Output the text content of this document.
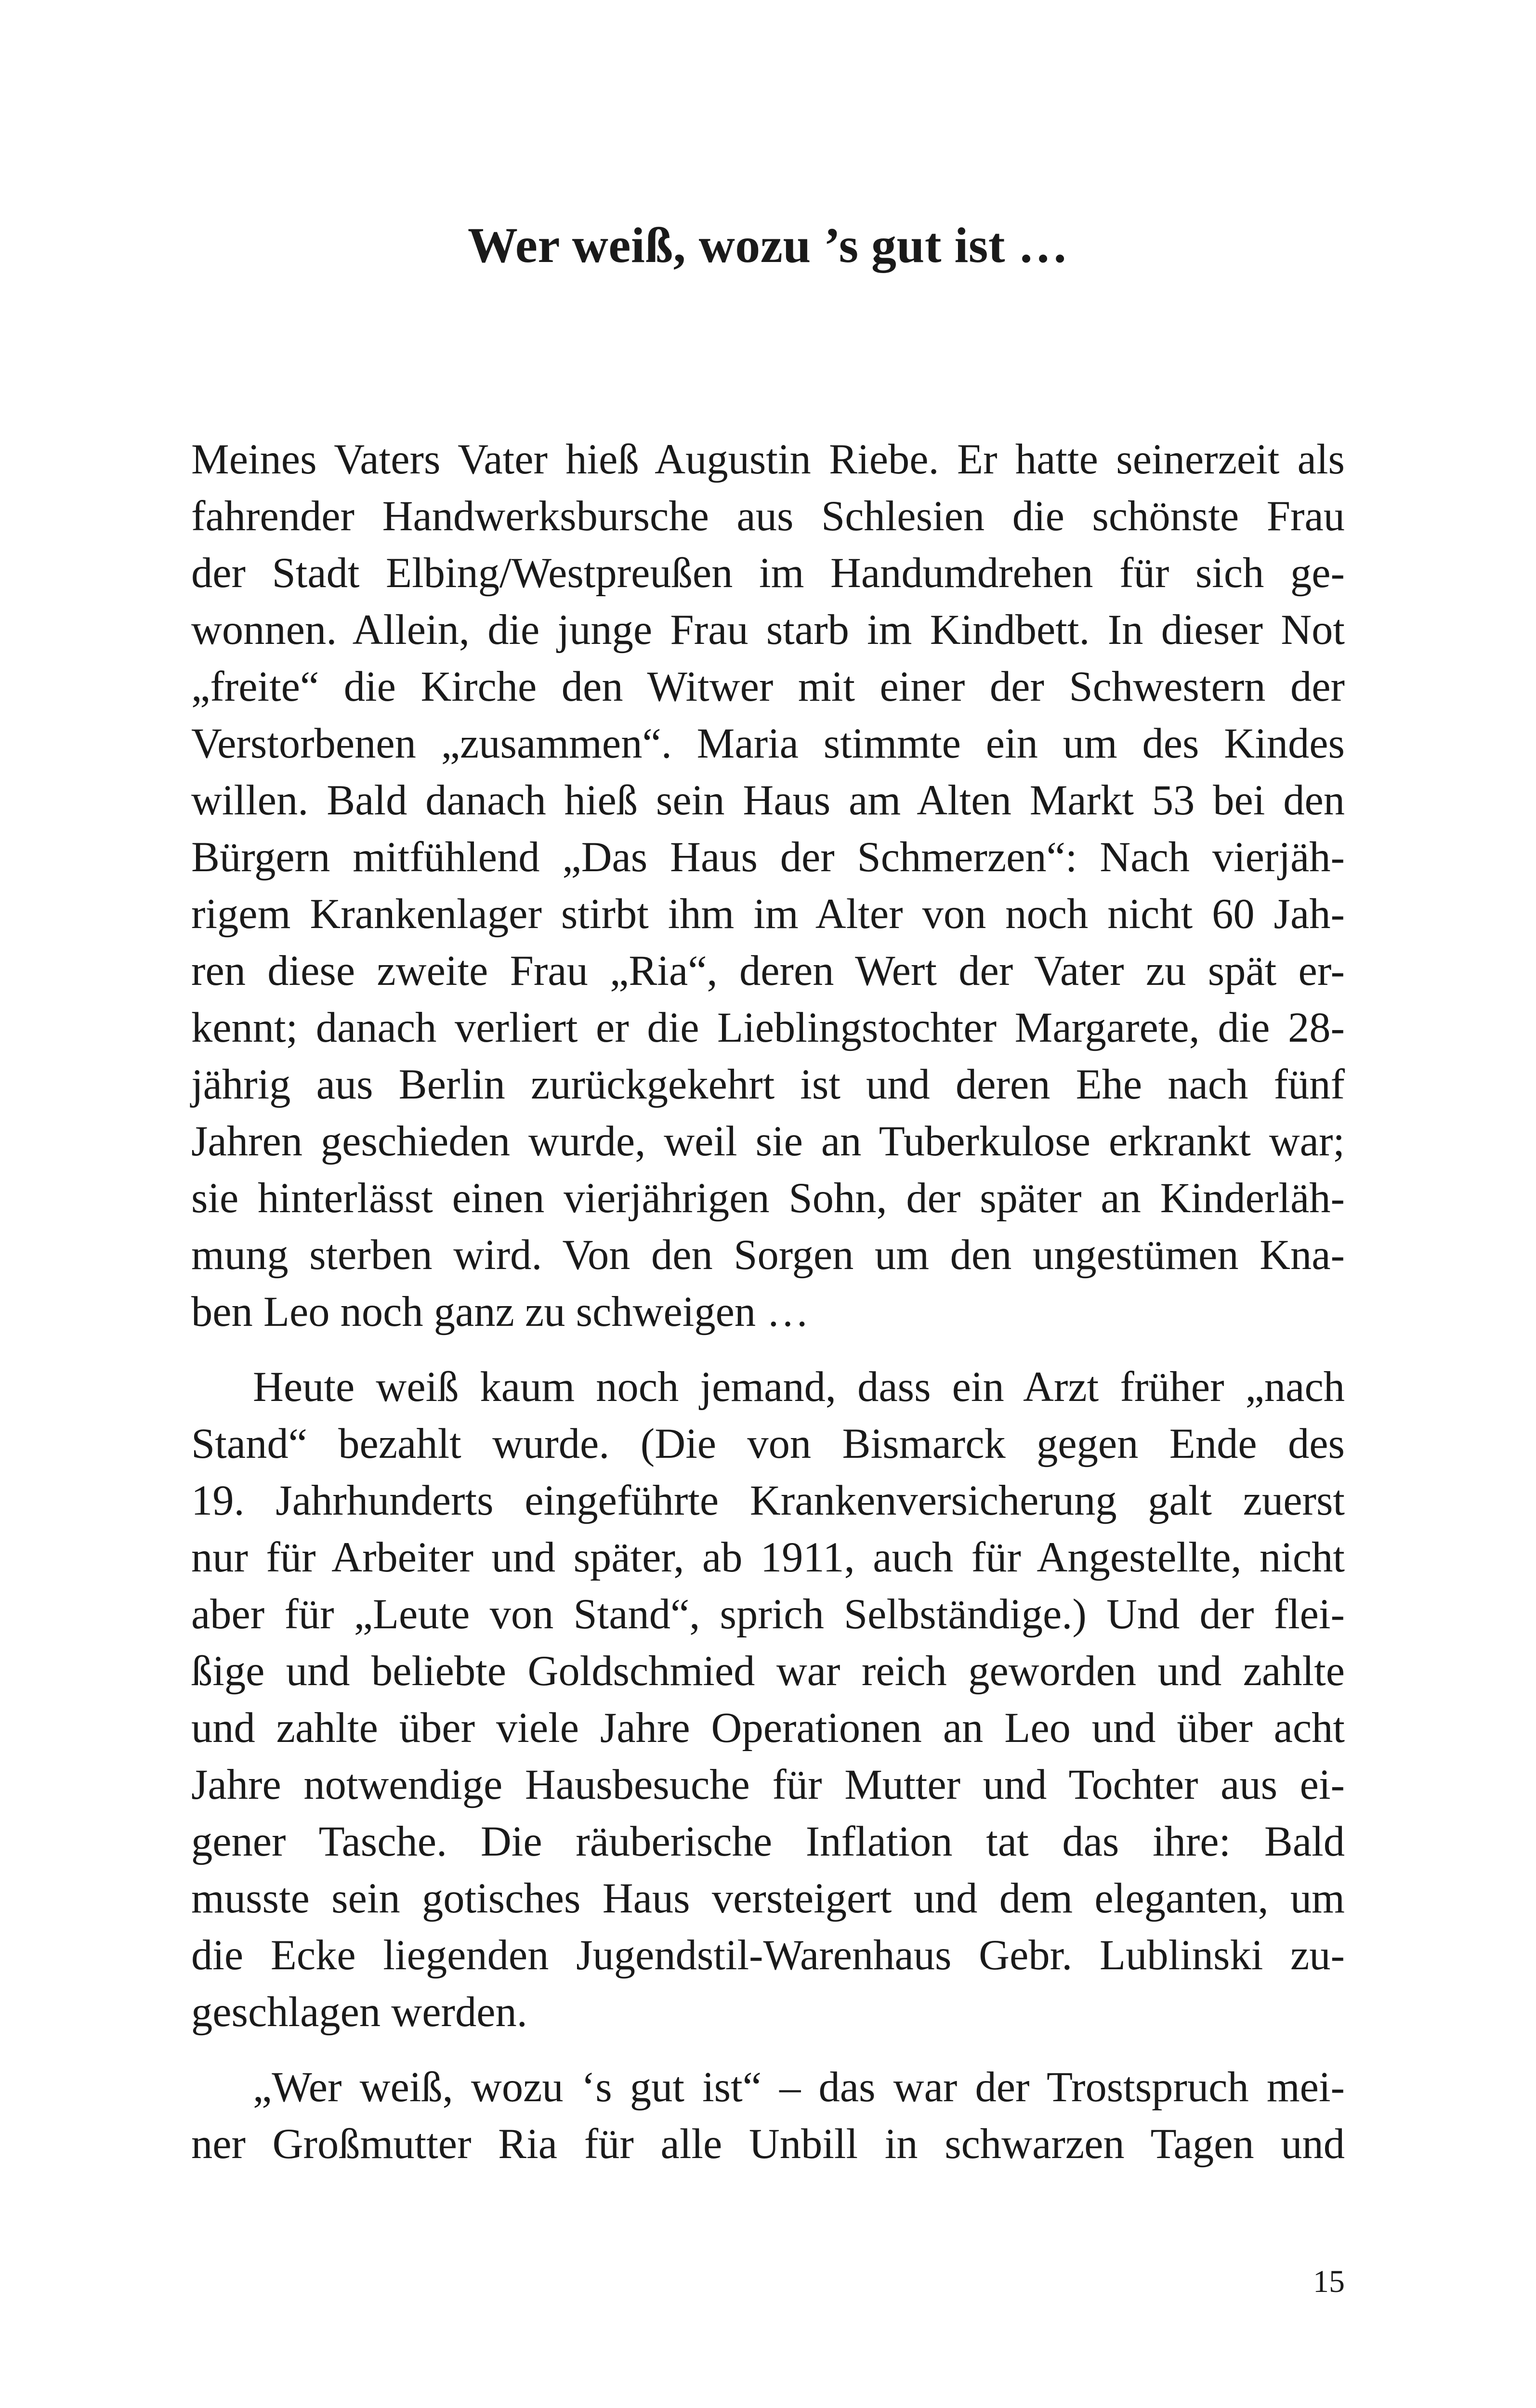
Wer weiß, wozu ’s gut ist …

Meines Vaters Vater hieß Augustin Riebe. Er hatte seinerzeit als
fahrender Handwerksbursche aus Schlesien die schönste Frau
der Stadt Elbing/Westpreußen im Handumdrehen für sich ge-
wonnen. Allein, die junge Frau starb im Kindbett. In dieser Not
„freite“ die Kirche den Witwer mit einer der Schwestern der
Verstorbenen „zusammen“. Maria stimmte ein um des Kindes
willen. Bald danach hieß sein Haus am Alten Markt 53 bei den
Bürgern mitfühlend „Das Haus der Schmerzen“: Nach vierjäh-
rigem Krankenlager stirbt ihm im Alter von noch nicht 60 Jah-
ren diese zweite Frau „Ria“, deren Wert der Vater zu spät er-
kennt; danach verliert er die Lieblingstochter Margarete, die 28-
jährig aus Berlin zurückgekehrt ist und deren Ehe nach fünf
Jahren geschieden wurde, weil sie an Tuberkulose erkrankt war;
sie hinterlässt einen vierjährigen Sohn, der später an Kinderläh-
mung sterben wird. Von den Sorgen um den ungestümen Kna-
ben Leo noch ganz zu schweigen …

Heute weiß kaum noch jemand, dass ein Arzt früher „nach
Stand“ bezahlt wurde. (Die von Bismarck gegen Ende des
19. Jahrhunderts eingeführte Krankenversicherung galt zuerst
nur für Arbeiter und später, ab 1911, auch für Angestellte, nicht
aber für „Leute von Stand“, sprich Selbständige.) Und der flei-
ßige und beliebte Goldschmied war reich geworden und zahlte
und zahlte über viele Jahre Operationen an Leo und über acht
Jahre notwendige Hausbesuche für Mutter und Tochter aus ei-
gener Tasche. Die räuberische Inflation tat das ihre: Bald
musste sein gotisches Haus versteigert und dem eleganten, um
die Ecke liegenden Jugendstil-Warenhaus Gebr. Lublinski zu-
geschlagen werden.

„Wer weiß, wozu ‘s gut ist“ – das war der Trostspruch mei-
ner Großmutter Ria für alle Unbill in schwarzen Tagen und

15
